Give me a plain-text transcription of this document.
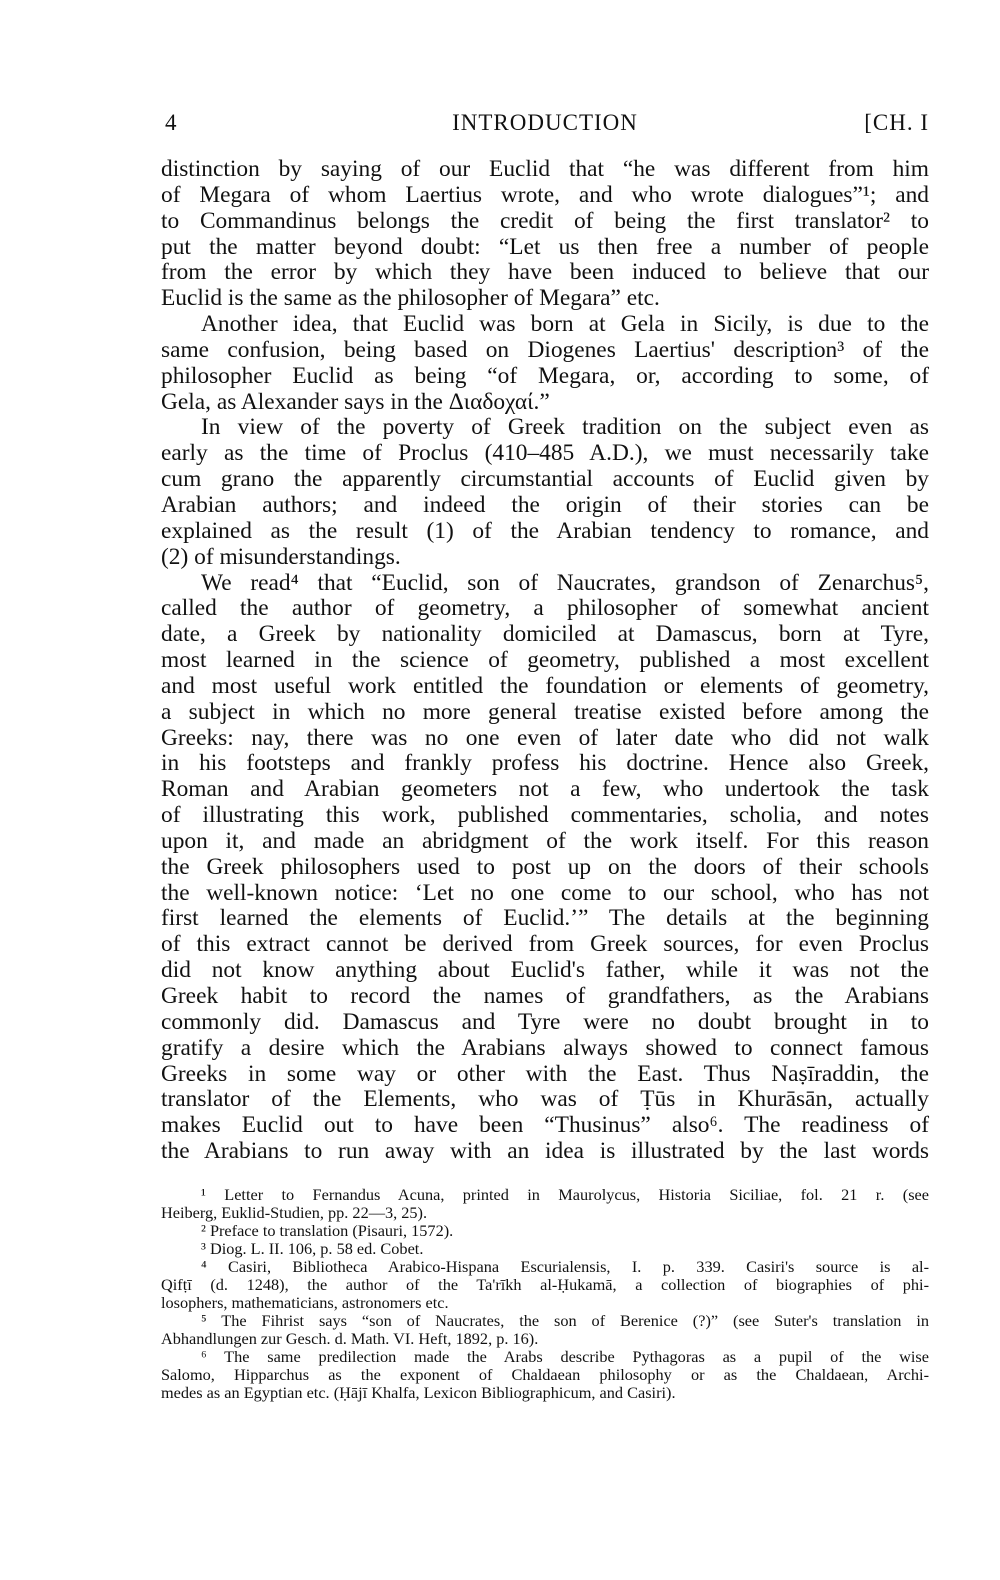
4	INTRODUCTION	[CH. I
distinction by saying of our Euclid that “he was different from him
of Megara of whom Laertius wrote, and who wrote dialogues”¹; and
to Commandinus belongs the credit of being the first translator² to
put the matter beyond doubt: “Let us then free a number of people
from the error by which they have been induced to believe that our
Euclid is the same as the philosopher of Megara” etc.
Another idea, that Euclid was born at Gela in Sicily, is due to the
same confusion, being based on Diogenes Laertius' description³ of the
philosopher Euclid as being “of Megara, or, according to some, of
Gela, as Alexander says in the Διαδοχαί.”
In view of the poverty of Greek tradition on the subject even as
early as the time of Proclus (410–485 A.D.), we must necessarily take
cum grano the apparently circumstantial accounts of Euclid given by
Arabian authors; and indeed the origin of their stories can be
explained as the result (1) of the Arabian tendency to romance, and
(2) of misunderstandings.
We read⁴ that “Euclid, son of Naucrates, grandson of Zenarchus⁵,
called the author of geometry, a philosopher of somewhat ancient
date, a Greek by nationality domiciled at Damascus, born at Tyre,
most learned in the science of geometry, published a most excellent
and most useful work entitled the foundation or elements of geometry,
a subject in which no more general treatise existed before among the
Greeks: nay, there was no one even of later date who did not walk
in his footsteps and frankly profess his doctrine. Hence also Greek,
Roman and Arabian geometers not a few, who undertook the task
of illustrating this work, published commentaries, scholia, and notes
upon it, and made an abridgment of the work itself. For this reason
the Greek philosophers used to post up on the doors of their schools
the well-known notice: ‘Let no one come to our school, who has not
first learned the elements of Euclid.’” The details at the beginning
of this extract cannot be derived from Greek sources, for even Proclus
did not know anything about Euclid's father, while it was not the
Greek habit to record the names of grandfathers, as the Arabians
commonly did. Damascus and Tyre were no doubt brought in to
gratify a desire which the Arabians always showed to connect famous
Greeks in some way or other with the East. Thus Naṣīraddin, the
translator of the Elements, who was of Ṭūs in Khurāsān, actually
makes Euclid out to have been “Thusinus” also⁶. The readiness of
the Arabians to run away with an idea is illustrated by the last words
¹ Letter to Fernandus Acuna, printed in Maurolycus, Historia Siciliae, fol. 21 r. (see
Heiberg, Euklid-Studien, pp. 22—3, 25).
² Preface to translation (Pisauri, 1572).
³ Diog. L. II. 106, p. 58 ed. Cobet.
⁴ Casiri, Bibliotheca Arabico-Hispana Escurialensis, I. p. 339. Casiri's source is al-
Qifṭī (d. 1248), the author of the Ta'rīkh al-Ḥukamā, a collection of biographies of phi-
losophers, mathematicians, astronomers etc.
⁵ The Fihrist says “son of Naucrates, the son of Berenice (?)” (see Suter's translation in
Abhandlungen zur Gesch. d. Math. VI. Heft, 1892, p. 16).
⁶ The same predilection made the Arabs describe Pythagoras as a pupil of the wise
Salomo, Hipparchus as the exponent of Chaldaean philosophy or as the Chaldaean, Archi-
medes as an Egyptian etc. (Ḥājī Khalfa, Lexicon Bibliographicum, and Casiri).
